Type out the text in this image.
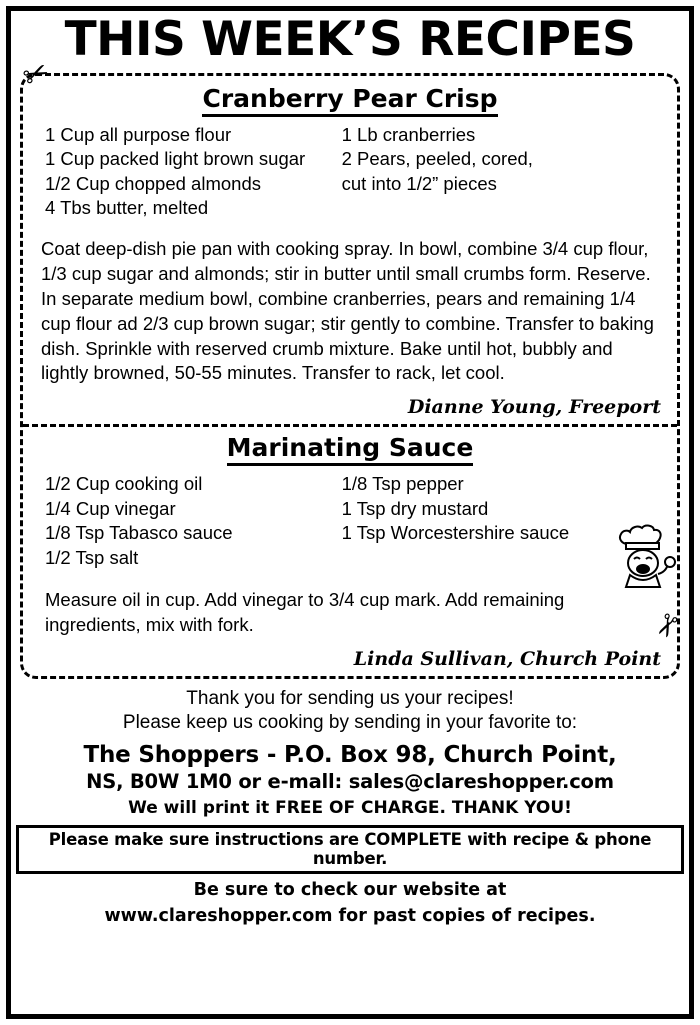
THIS WEEK’S RECIPES
Cranberry Pear Crisp
1 Cup all purpose flour
1 Cup packed light brown sugar
1/2 Cup chopped almonds
4 Tbs butter, melted
1 Lb cranberries
2 Pears, peeled, cored,
cut into 1/2” pieces
Coat deep-dish pie pan with cooking spray. In bowl, combine 3/4 cup flour, 1/3 cup sugar and almonds; stir in butter until small crumbs form. Reserve. In separate medium bowl, combine cranberries, pears and remaining 1/4 cup flour ad 2/3 cup brown sugar; stir gently to combine. Transfer to baking dish. Sprinkle with reserved crumb mixture. Bake until hot, bubbly and lightly browned, 50-55 minutes. Transfer to rack, let cool.
Dianne Young, Freeport
Marinating Sauce
1/2 Cup cooking oil
1/4 Cup vinegar
1/8 Tsp Tabasco sauce
1/2 Tsp salt
1/8 Tsp pepper
1 Tsp dry mustard
1 Tsp Worcestershire sauce
Measure oil in cup. Add vinegar to 3/4 cup mark. Add remaining ingredients, mix with fork.
Linda Sullivan, Church Point
Thank you for sending us your recipes!
Please keep us cooking by sending in your favorite to:
The Shoppers - P.O. Box 98, Church Point,
NS, B0W 1M0 or e-mall: sales@clareshopper.com
We will print it FREE OF CHARGE. THANK YOU!
Please make sure instructions are COMPLETE with recipe & phone number.
Be sure to check our website at
www.clareshopper.com for past copies of recipes.
✂
✂
